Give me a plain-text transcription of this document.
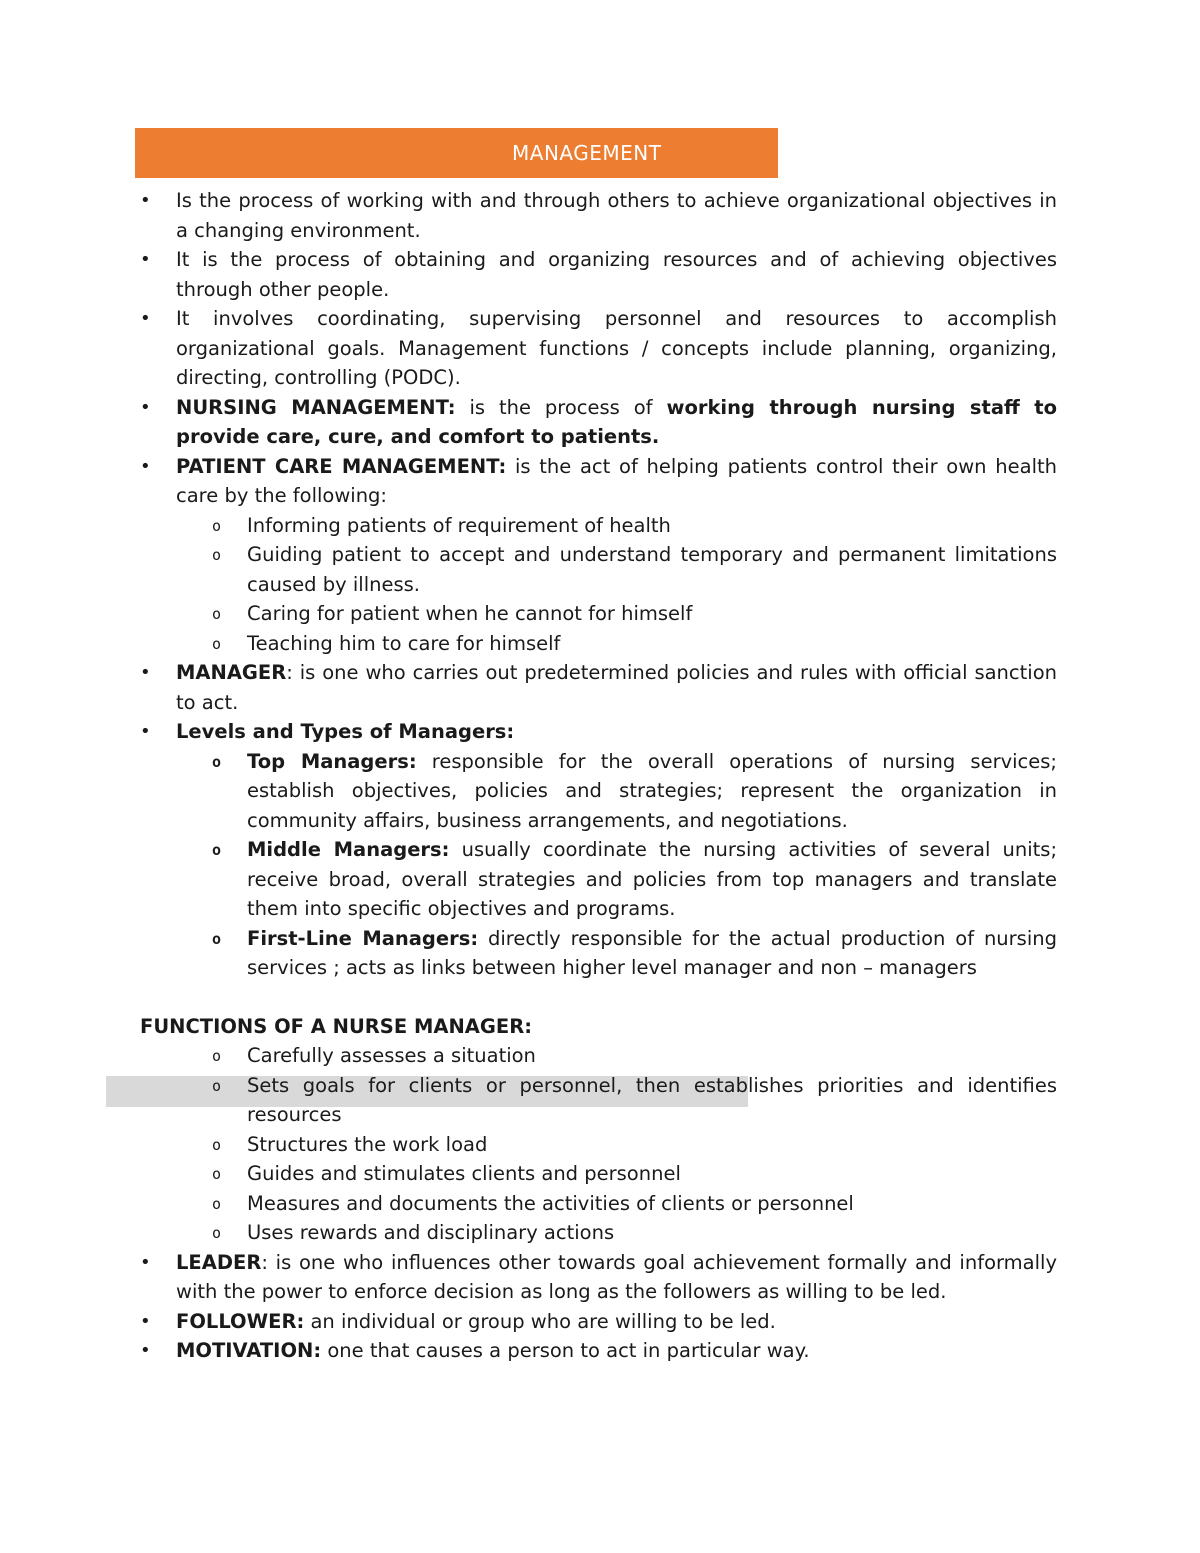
MANAGEMENT
• Is the process of working with and through others to achieve organizational objectives in a changing environment.
• It is the process of obtaining and organizing resources and of achieving objectives through other people.
• It involves coordinating, supervising personnel and resources to accomplish organizational goals. Management functions / concepts include planning, organizing, directing, controlling (PODC).
• NURSING MANAGEMENT: is the process of working through nursing staff to provide care, cure, and comfort to patients.
• PATIENT CARE MANAGEMENT: is the act of helping patients control their own health care by the following:
o Informing patients of requirement of health
o Guiding patient to accept and understand temporary and permanent limitations caused by illness.
o Caring for patient when he cannot for himself
o Teaching him to care for himself
• MANAGER: is one who carries out predetermined policies and rules with official sanction to act.
• Levels and Types of Managers:
o Top Managers: responsible for the overall operations of nursing services; establish objectives, policies and strategies; represent the organization in community affairs, business arrangements, and negotiations.
o Middle Managers: usually coordinate the nursing activities of several units; receive broad, overall strategies and policies from top managers and translate them into specific objectives and programs.
o First-Line Managers: directly responsible for the actual production of nursing services ; acts as links between higher level manager and non – managers
FUNCTIONS OF A NURSE MANAGER:
o Carefully assesses a situation
o Sets goals for clients or personnel, then establishes priorities and identifies resources
o Structures the work load
o Guides and stimulates clients and personnel
o Measures and documents the activities of clients or personnel
o Uses rewards and disciplinary actions
• LEADER: is one who influences other towards goal achievement formally and informally with the power to enforce decision as long as the followers as willing to be led.
• FOLLOWER: an individual or group who are willing to be led.
• MOTIVATION: one that causes a person to act in particular way.
